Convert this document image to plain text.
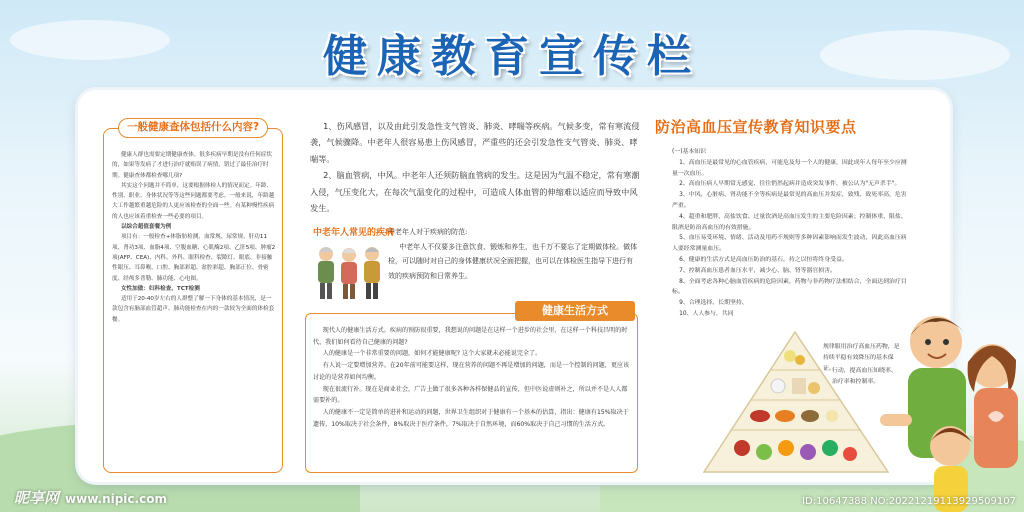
健康教育宣传栏
一般健康查体包括什么内容?

健康人群也需要定期健康查体。很多疾病早期是没有任何症状的，如果等发病了才进行治疗就贻误了病情，错过了最佳治疗时期。健康查体都检查哪几项?

其实这个问题并不简单，这要根据体检人的情况而定。年龄、性别、职业、身体状况等等这些问题都要考虑。一般来说，年龄越大工作越繁重越危险的人更应该检查的全面一些。有某种慢性疾病的人也应该着重检查一些必要的项目。

以综合超值套餐为例

项目有：一般检查+体脂肪检测、血常规、尿常规、肝功11项、肾功3项、血脂4项、空腹血糖、心肌酶2项、乙肝5项、肿瘤2项(AFP、CEA)、内科、外科、眼科检查、裂隙灯、眼底、非接触性眼压、耳鼻喉、口腔、胸部彩超、盆腔彩超、胸部正位、骨密度、经颅多普勒、肺功能、心电图。

女性加做：妇科检查、TCT检测

适用于20-40岁左右的人群整了解一下身体的基本情况，是一款包含有脑部血管超声、肺功能检查在内的一款较为全面的体检套餐。

1、伤风感冒，以及由此引发急性支气管炎、肺炎、哮喘等疾病。气候多变，常有寒流侵袭，气候骤降。中老年人很容易患上伤风感冒，严重些的还会引发急性支气管炎、肺炎、哮喘等。

2、脑血管病，中风。中老年人还须防脑血管病的发生。这是因为气温不稳定，常有寒潮入侵，气压变化大，在每次气温变化的过程中，可造成人体血管的伸缩难以适应而导致中风发生。

中老年人常见的疾病

中老年人对于疾病的防范:

中老年人不仅要多注意饮食、锻炼和养生，也千万不要忘了定期做体检。做体检，可以随时对自己的身体健康状况全面把握，也可以在体检医生指导下进行有效的疾病预防和日常养生。

健康生活方式

现代人的健康生活方式。疾病的预防很重要，我想说的问题是在这样一个进步的社会里，在这样一个科技昌明的时代，我们如何看待自己健康的问题?

人的健康是一个非常重要的问题，如何才能健康呢? 这个大家就未必能说完全了。

有人说一定要增加营养。在20年前可能要这样，现在营养的问题不再是增加的问题，而是一个控制的问题，更应该讨论的是营养如何均衡。

现在很流行补。现在是商业社会，广告上做了很多各种各样保健品的宣传，但中医说虚则补之，所以并不是人人都需要补的。

人的健康不一定是简单的进补和运动的问题，世界卫生组织对于健康有一个基本的估算，指出：健康有15%取决于遗传，10%取决于社会条件，8%取决于医疗条件，7%取决于自然环境，而60%取决于自己习惯的生活方式。

防治高血压宣传教育知识要点

(一)基本知识

1、高血压是最常见的心血管疾病，可能危及每一个人的健康，因此成年人每年至少应测量一次血压。

2、高血压病人早期常无感觉，往往悄然起病并造成突发事件，被公认为"无声杀手"。

3、中风、心脏病、肾功能不全等疾病是最常见的高血压并发症，致残、致死率高，危害严重。

4、超重和肥胖、高盐饮食、过量饮酒是高血压发生的主要危险因素；控制体重、限盐、限酒是防治高血压的有效措施。

5、血压易受环境、情绪、活动及用药不规则等多种因素影响而发生波动，因此高血压病人要经常测量血压。

6、健康的生活方式是高血压防治的基石，持之以恒将终身受益。

7、控制高血压患者血压水平，减少心、脑、肾等器官损害。

8、全面考虑各种心脑血管疾病的危险因素，药物与非药物疗法相结合，全面达到治疗目标。

9、合理选择、长期坚持、

10、人人参与，共同

规律服用治疗高血压药物，是持续平稳有效降压的基本保证。
行动，提高血压知晓率、治疗率和控制率。
昵享网 www.nipic.com	ID:10647388 NO:20221219113929509107
